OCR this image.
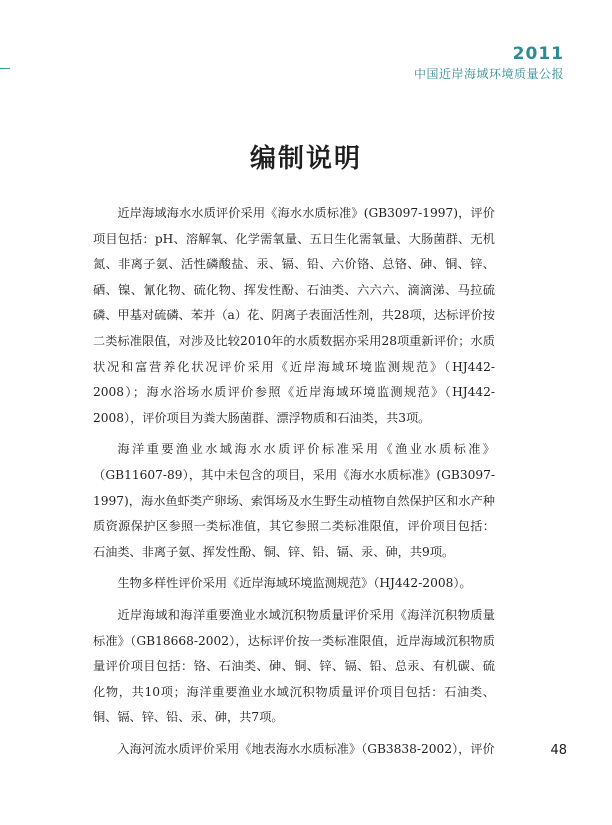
2011
中国近岸海域环境质量公报
编制说明

近岸海域海水水质评价采用《海水水质标准》(GB3097-1997)，评价项目包括：pH、溶解氧、化学需氧量、五日生化需氧量、大肠菌群、无机氮、非离子氨、活性磷酸盐、汞、镉、铅、六价铬、总铬、砷、铜、锌、硒、镍、氰化物、硫化物、挥发性酚、石油类、六六六、滴滴涕、马拉硫磷、甲基对硫磷、苯并（a）花、阴离子表面活性剂，共28项，达标评价按二类标准限值，对涉及比较2010年的水质数据亦采用28项重新评价；水质状况和富营养化状况评价采用《近岸海域环境监测规范》（HJ442-2008）；海水浴场水质评价参照《近岸海域环境监测规范》（HJ442-2008），评价项目为粪大肠菌群、漂浮物质和石油类，共3项。

海洋重要渔业水域海水水质评价标准采用《渔业水质标准》（GB11607-89），其中未包含的项目，采用《海水水质标准》(GB3097-1997)，海水鱼虾类产卵场、索饵场及水生野生动植物自然保护区和水产种质资源保护区参照一类标准值，其它参照二类标准限值，评价项目包括：石油类、非离子氨、挥发性酚、铜、锌、铅、镉、汞、砷，共9项。

生物多样性评价采用《近岸海域环境监测规范》（HJ442-2008）。

近岸海域和海洋重要渔业水域沉积物质量评价采用《海洋沉积物质量标准》（GB18668-2002），达标评价按一类标准限值，近岸海域沉积物质量评价项目包括：铬、石油类、砷、铜、锌、镉、铅、总汞、有机碳、硫化物，共10项；海洋重要渔业水域沉积物质量评价项目包括：石油类、铜、镉、锌、铅、汞、砷，共7项。

入海河流水质评价采用《地表海水水质标准》（GB3838-2002），评价	48
